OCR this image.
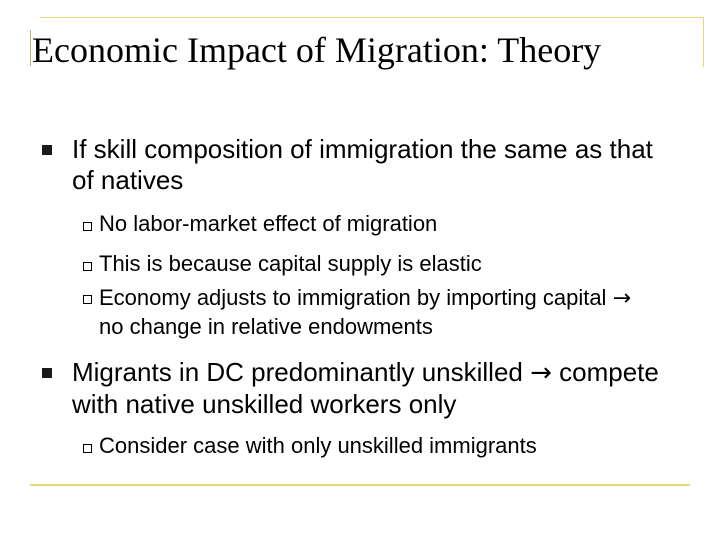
Economic Impact of Migration: Theory
If skill composition of immigration the same as that of natives
No labor-market effect of migration
This is because capital supply is elastic
Economy adjusts to immigration by importing capital → no change in relative endowments
Migrants in DC predominantly unskilled → compete with native unskilled workers only
Consider case with only unskilled immigrants
